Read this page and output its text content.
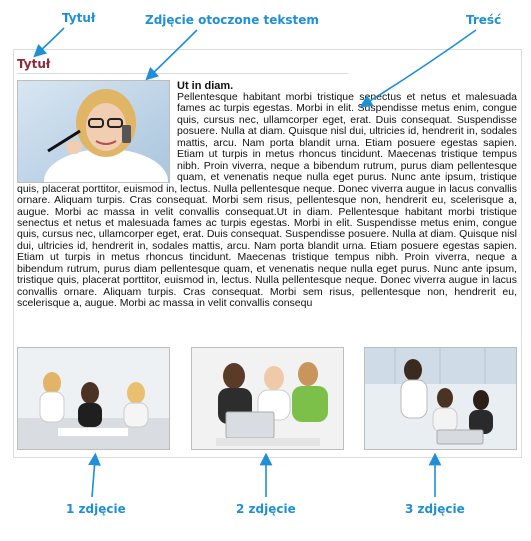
Tytuł	Zdjęcie otoczone tekstem	Treść
1 zdjęcie	2 zdjęcie	3 zdjęcie
Tytuł
Ut in diam.
Pellentesque habitant morbi tristique senectus et netus et malesuada fames ac turpis egestas. Morbi in elit. Suspendisse metus enim, congue quis, cursus nec, ullamcorper eget, erat. Duis consequat. Suspendisse posuere. Nulla at diam. Quisque nisl dui, ultricies id, hendrerit in, sodales mattis, arcu. Nam porta blandit urna. Etiam posuere egestas sapien. Etiam ut turpis in metus rhoncus tincidunt. Maecenas tristique tempus nibh. Proin viverra, neque a bibendum rutrum, purus diam pellentesque quam, et venenatis neque nulla eget purus. Nunc ante ipsum, tristique quis, placerat porttitor, euismod in, lectus. Nulla pellentesque neque. Donec viverra augue in lacus convallis ornare. Aliquam turpis. Cras consequat. Morbi sem risus, pellentesque non, hendrerit eu, scelerisque a, augue. Morbi ac massa in velit convallis consequat.Ut in diam. Pellentesque habitant morbi tristique senectus et netus et malesuada fames ac turpis egestas. Morbi in elit. Suspendisse metus enim, congue quis, cursus nec, ullamcorper eget, erat. Duis consequat. Suspendisse posuere. Nulla at diam. Quisque nisl dui, ultricies id, hendrerit in, sodales mattis, arcu. Nam porta blandit urna. Etiam posuere egestas sapien. Etiam ut turpis in metus rhoncus tincidunt. Maecenas tristique tempus nibh. Proin viverra, neque a bibendum rutrum, purus diam pellentesque quam, et venenatis neque nulla eget purus. Nunc ante ipsum, tristique quis, placerat porttitor, euismod in, lectus. Nulla pellentesque neque. Donec viverra augue in lacus convallis ornare. Aliquam turpis. Cras consequat. Morbi sem risus, pellentesque non, hendrerit eu, scelerisque a, augue. Morbi ac massa in velit convallis consequ
